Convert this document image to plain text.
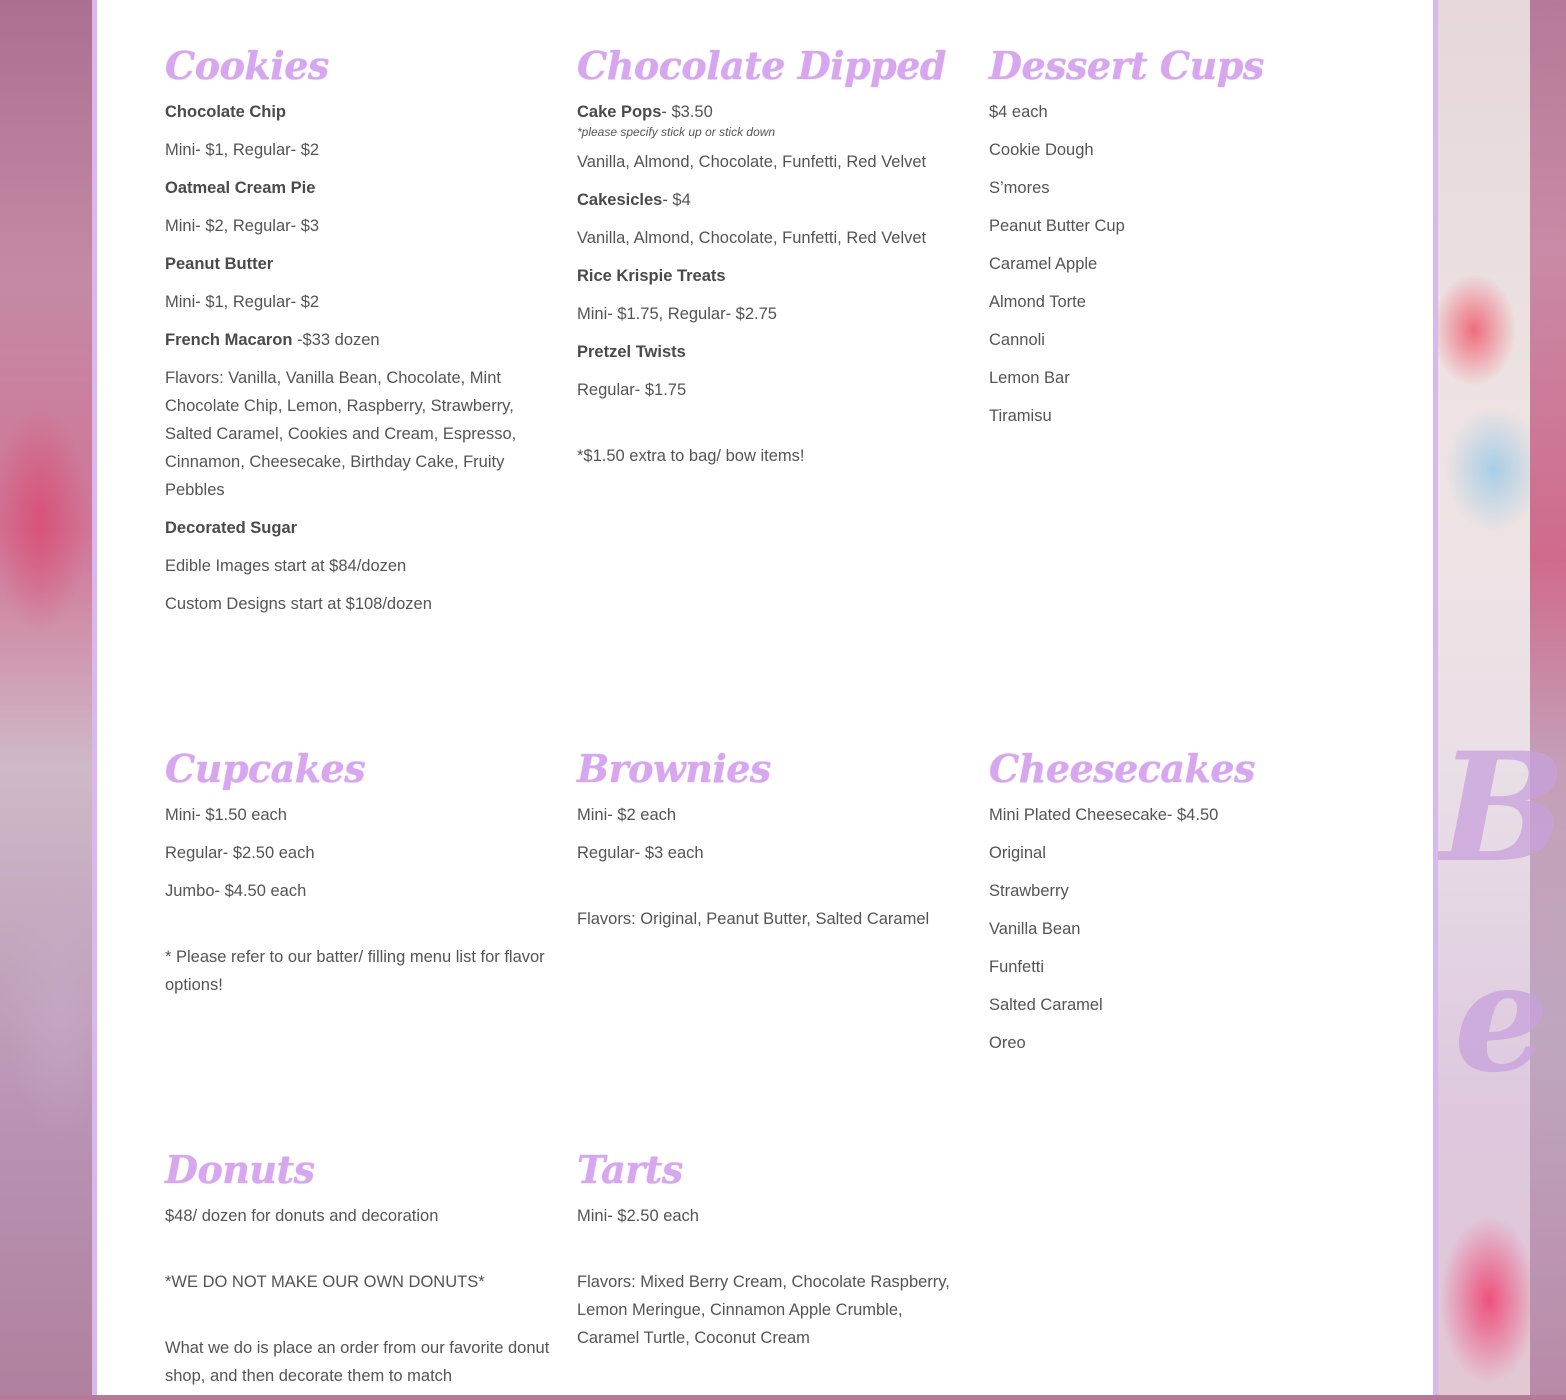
B
e
Cookies
Chocolate Chip
Mini- $1, Regular- $2
Oatmeal Cream Pie
Mini- $2, Regular- $3
Peanut Butter
Mini- $1, Regular- $2
French Macaron -$33 dozen
Flavors: Vanilla, Vanilla Bean, Chocolate, Mint Chocolate Chip, Lemon, Raspberry, Strawberry, Salted Caramel, Cookies and Cream, Espresso, Cinnamon, Cheesecake, Birthday Cake, Fruity Pebbles
Decorated Sugar
Edible Images start at $84/dozen
Custom Designs start at $108/dozen
Chocolate Dipped
Cake Pops- $3.50
*please specify stick up or stick down
Vanilla, Almond, Chocolate, Funfetti, Red Velvet
Cakesicles- $4
Vanilla, Almond, Chocolate, Funfetti, Red Velvet
Rice Krispie Treats
Mini- $1.75, Regular- $2.75
Pretzel Twists
Regular- $1.75
*$1.50 extra to bag/ bow items!
Dessert Cups
$4 each
Cookie Dough
S’mores
Peanut Butter Cup
Caramel Apple
Almond Torte
Cannoli
Lemon Bar
Tiramisu
Cupcakes
Mini- $1.50 each
Regular- $2.50 each
Jumbo- $4.50 each
* Please refer to our batter/ filling menu list for flavor options!
Brownies
Mini- $2 each
Regular- $3 each
Flavors: Original, Peanut Butter, Salted Caramel
Cheesecakes
Mini Plated Cheesecake- $4.50
Original
Strawberry
Vanilla Bean
Funfetti
Salted Caramel
Oreo
Donuts
$48/ dozen for donuts and decoration
*WE DO NOT MAKE OUR OWN DONUTS*
What we do is place an order from our favorite donut shop, and then decorate them to match
Tarts
Mini- $2.50 each
Flavors: Mixed Berry Cream, Chocolate Raspberry, Lemon Meringue, Cinnamon Apple Crumble, Caramel Turtle, Coconut Cream
